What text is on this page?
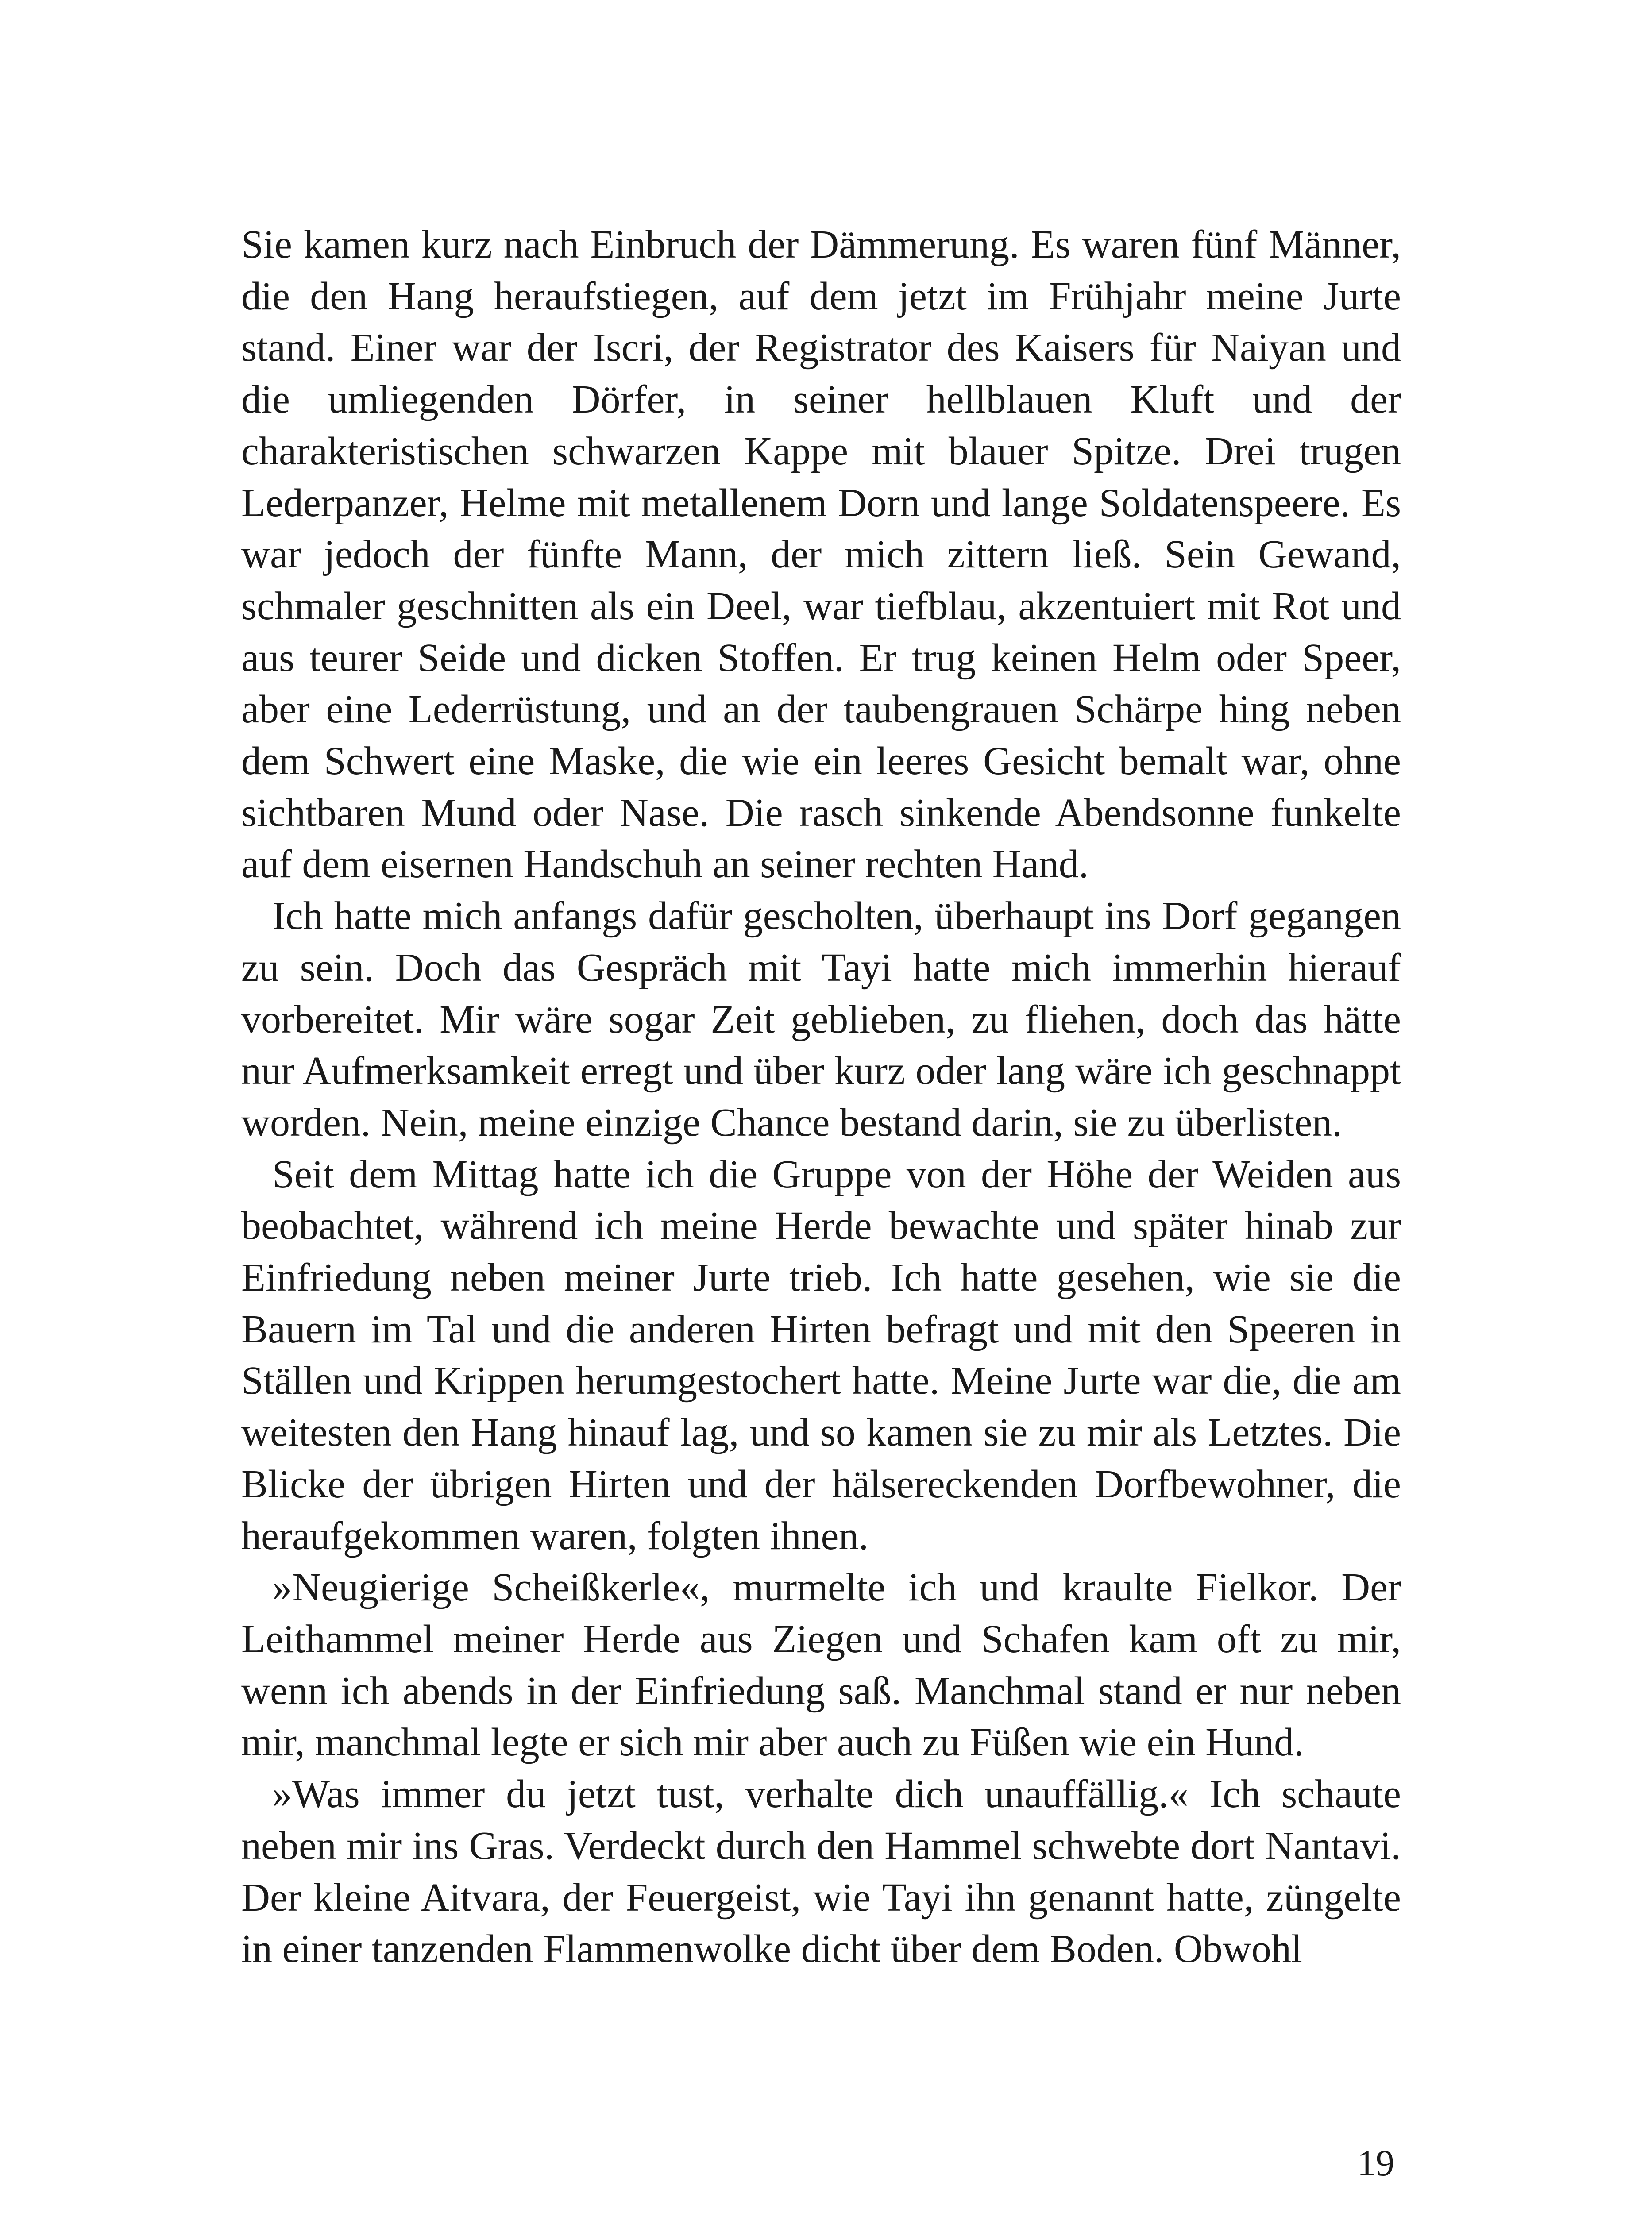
Sie kamen kurz nach Einbruch der Dämmerung. Es waren fünf Männer, die den Hang heraufstiegen, auf dem jetzt im Frühjahr meine Jurte stand. Einer war der Iscri, der Registrator des Kaisers für Naiyan und die umliegenden Dörfer, in seiner hellblauen Kluft und der charakteristischen schwarzen Kappe mit blauer Spitze. Drei trugen Lederpanzer, Helme mit metallenem Dorn und lange Soldatenspeere. Es war jedoch der fünfte Mann, der mich zittern ließ. Sein Gewand, schmaler geschnitten als ein Deel, war tiefblau, akzentuiert mit Rot und aus teurer Seide und dicken Stoffen. Er trug keinen Helm oder Speer, aber eine Lederrüstung, und an der taubengrauen Schärpe hing neben dem Schwert eine Maske, die wie ein leeres Gesicht bemalt war, ohne sichtbaren Mund oder Nase. Die rasch sinkende Abendsonne funkelte auf dem eisernen Handschuh an seiner rechten Hand.

Ich hatte mich anfangs dafür gescholten, überhaupt ins Dorf gegangen zu sein. Doch das Gespräch mit Tayi hatte mich immerhin hierauf vorbereitet. Mir wäre sogar Zeit geblieben, zu fliehen, doch das hätte nur Aufmerksamkeit erregt und über kurz oder lang wäre ich geschnappt worden. Nein, meine einzige Chance bestand darin, sie zu überlisten.

Seit dem Mittag hatte ich die Gruppe von der Höhe der Weiden aus beobachtet, während ich meine Herde bewachte und später hinab zur Einfriedung neben meiner Jurte trieb. Ich hatte gesehen, wie sie die Bauern im Tal und die anderen Hirten befragt und mit den Speeren in Ställen und Krippen herumgestochert hatte. Meine Jurte war die, die am weitesten den Hang hinauf lag, und so kamen sie zu mir als Letztes. Die Blicke der übrigen Hirten und der hälsereckenden Dorfbewohner, die heraufgekommen waren, folgten ihnen.

»Neugierige Scheißkerle«, murmelte ich und kraulte Fielkor. Der Leithammel meiner Herde aus Ziegen und Schafen kam oft zu mir, wenn ich abends in der Einfriedung saß. Manchmal stand er nur neben mir, manchmal legte er sich mir aber auch zu Füßen wie ein Hund.

»Was immer du jetzt tust, verhalte dich unauffällig.« Ich schaute neben mir ins Gras. Verdeckt durch den Hammel schwebte dort Nantavi. Der kleine Aitvara, der Feuergeist, wie Tayi ihn genannt hatte, züngelte in einer tanzenden Flammenwolke dicht über dem Boden. Obwohl

19
